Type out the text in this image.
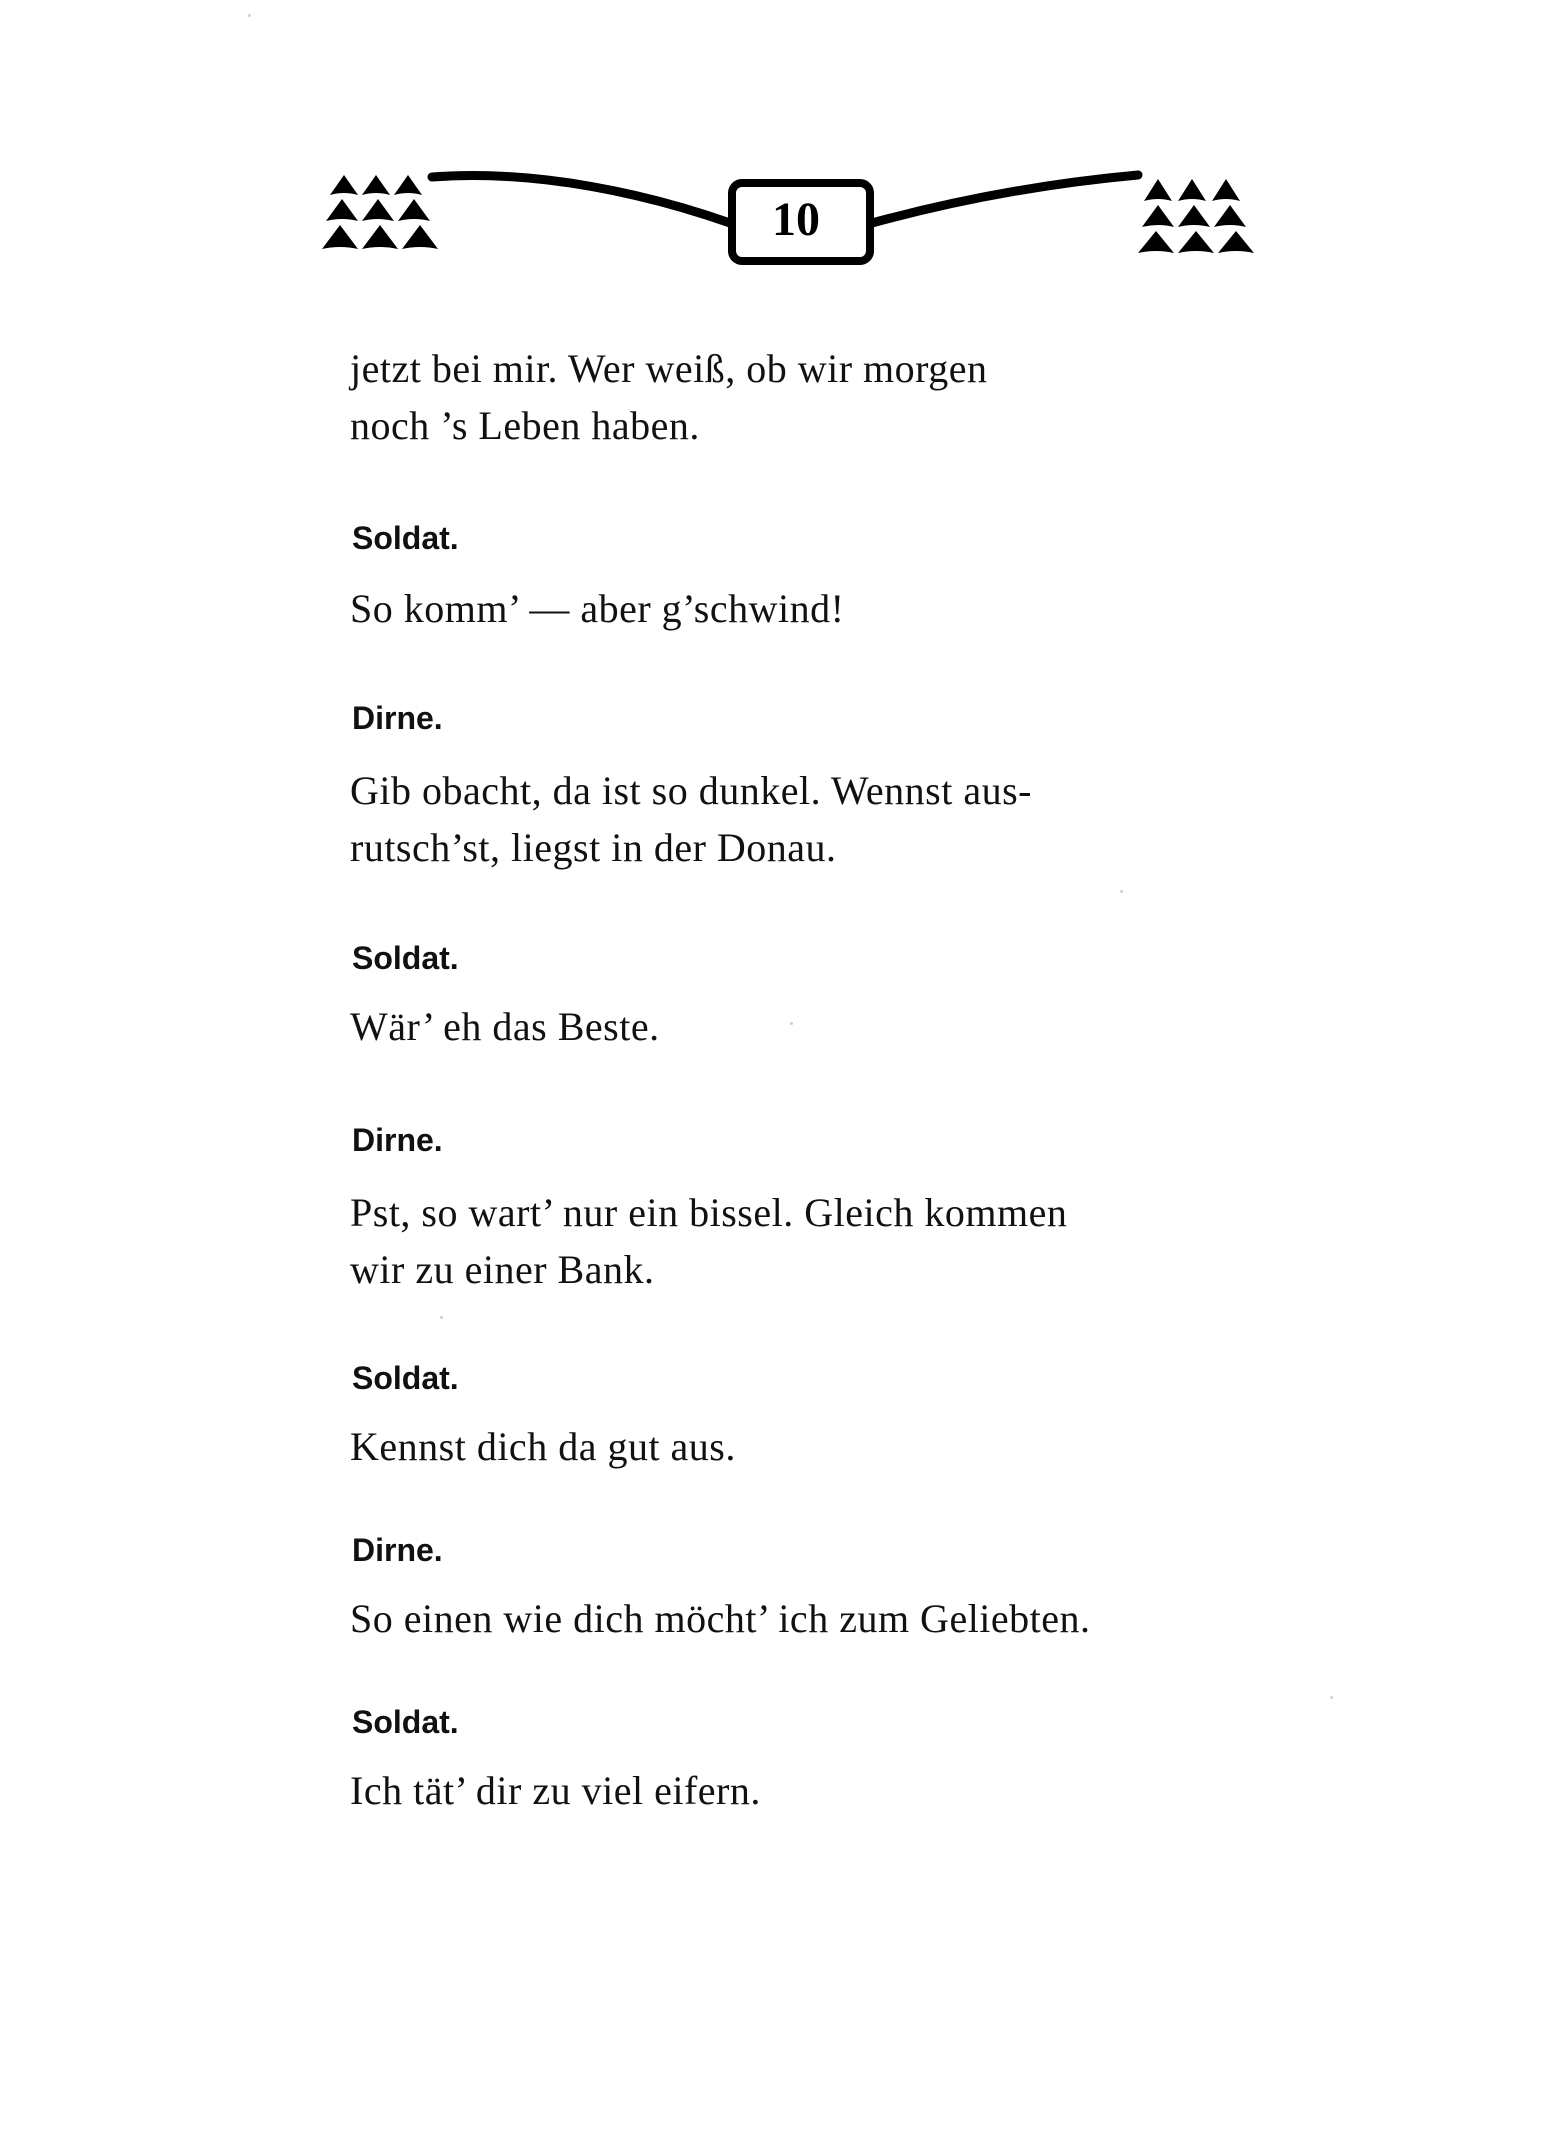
10

jetzt bei mir. Wer weiß, ob wir morgen
noch ’s Leben haben.

Soldat.

So komm’ — aber g’schwind!

Dirne.

Gib obacht, da ist so dunkel. Wennst aus-
rutsch’st, liegst in der Donau.

Soldat.

Wär’ eh das Beste.

Dirne.

Pst, so wart’ nur ein bissel. Gleich kommen
wir zu einer Bank.

Soldat.

Kennst dich da gut aus.

Dirne.

So einen wie dich möcht’ ich zum Geliebten.

Soldat.

Ich tät’ dir zu viel eifern.
